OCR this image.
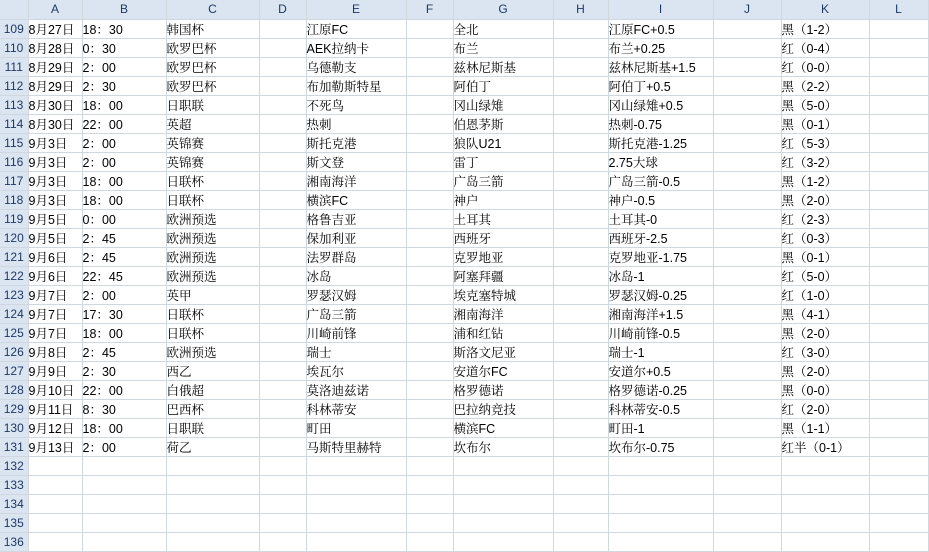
	A	B	C	D	E	F	G	H	I	J	K	L
109	8月27日	18：30	韩国杯		江原FC		全北		江原FC+0.5		黑（1-2）	
110	8月28日	0：30	欧罗巴杯		AEK拉纳卡		布兰		布兰+0.25		红（0-4）	
111	8月29日	2：00	欧罗巴杯		乌德勒支		兹林尼斯基		兹林尼斯基+1.5		红（0-0）	
112	8月29日	2：30	欧罗巴杯		布加勒斯特星		阿伯丁		阿伯丁+0.5		黑（2-2）	
113	8月30日	18：00	日职联		不死鸟		冈山绿雉		冈山绿雉+0.5		黑（5-0）	
114	8月30日	22：00	英超		热刺		伯恩茅斯		热刺-0.75		黑（0-1）	
115	9月3日	2：00	英锦赛		斯托克港		狼队U21		斯托克港-1.25		红（5-3）	
116	9月3日	2：00	英锦赛		斯文登		雷丁		2.75大球		红（3-2）	
117	9月3日	18：00	日联杯		湘南海洋		广岛三箭		广岛三箭-0.5		黑（1-2）	
118	9月3日	18：00	日联杯		横滨FC		神户		神户-0.5		黑（2-0）	
119	9月5日	0：00	欧洲预选		格鲁吉亚		土耳其		土耳其-0		红（2-3）	
120	9月5日	2：45	欧洲预选		保加利亚		西班牙		西班牙-2.5		红（0-3）	
121	9月6日	2：45	欧洲预选		法罗群岛		克罗地亚		克罗地亚-1.75		黑（0-1）	
122	9月6日	22：45	欧洲预选		冰岛		阿塞拜疆		冰岛-1		红（5-0）	
123	9月7日	2：00	英甲		罗瑟汉姆		埃克塞特城		罗瑟汉姆-0.25		红（1-0）	
124	9月7日	17：30	日联杯		广岛三箭		湘南海洋		湘南海洋+1.5		黑（4-1）	
125	9月7日	18：00	日联杯		川崎前锋		浦和红钻		川崎前锋-0.5		黑（2-0）	
126	9月8日	2：45	欧洲预选		瑞士		斯洛文尼亚		瑞士-1		红（3-0）	
127	9月9日	2：30	西乙		埃瓦尔		安道尔FC		安道尔+0.5		黑（2-0）	
128	9月10日	22：00	白俄超		莫洛迪兹诺		格罗德诺		格罗德诺-0.25		黑（0-0）	
129	9月11日	8：30	巴西杯		科林蒂安		巴拉纳竞技		科林蒂安-0.5		红（2-0）	
130	9月12日	18：00	日职联		町田		横滨FC		町田-1		黑（1-1）	
131	9月13日	2：00	荷乙		马斯特里赫特		坎布尔		坎布尔-0.75		红半（0-1）	
132												
133												
134												
135												
136												
